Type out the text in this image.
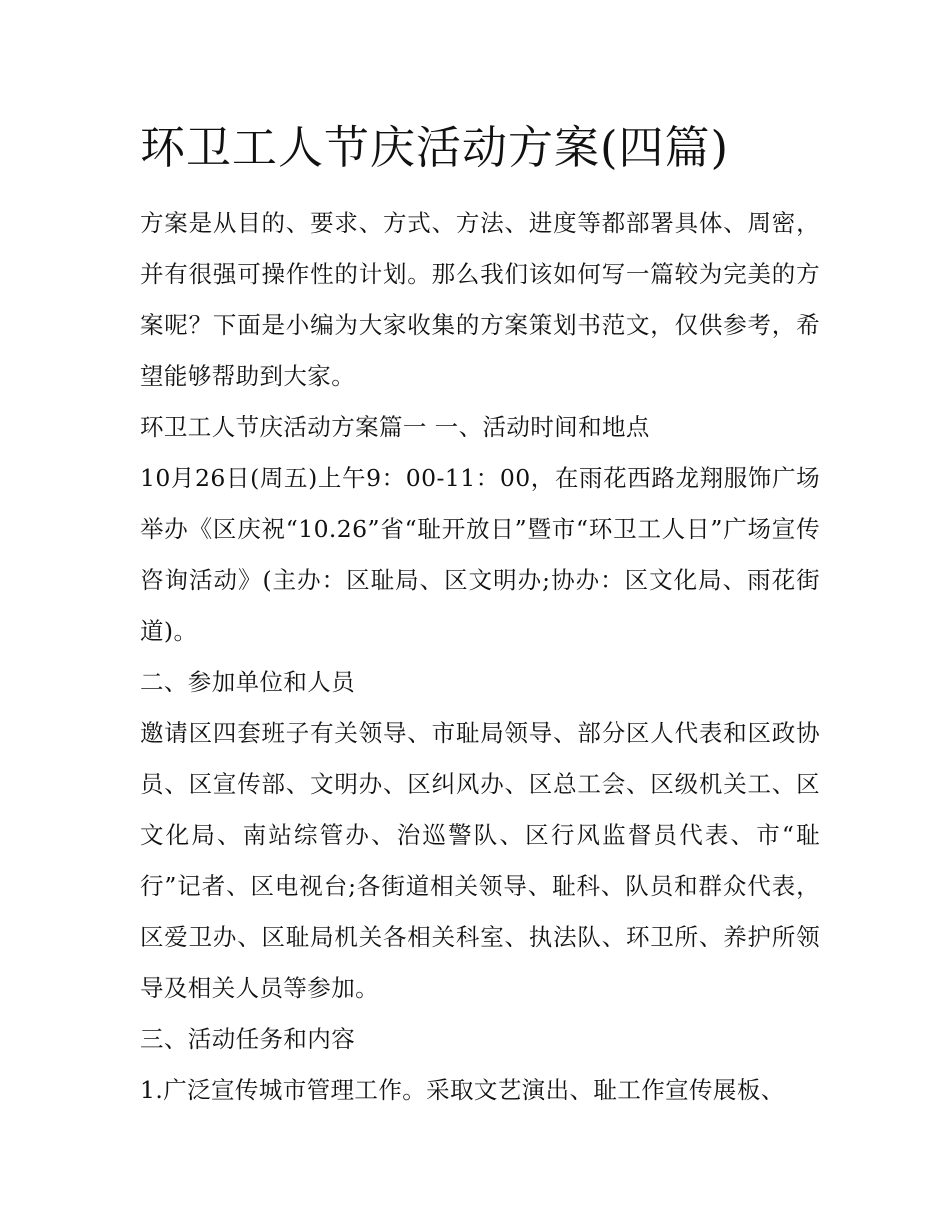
环卫工人节庆活动方案(四篇)

方案是从目的、要求、方式、方法、进度等都部署具体、周密，并有很强可操作性的计划。那么我们该如何写一篇较为完美的方案呢？下面是小编为大家收集的方案策划书范文，仅供参考，希望能够帮助到大家。

环卫工人节庆活动方案篇一 一、活动时间和地点

10月26日(周五)上午9：00-11：00，在雨花西路龙翔服饰广场举办《区庆祝“10.26”省“耻开放日”暨市“环卫工人日”广场宣传咨询活动》(主办：区耻局、区文明办;协办：区文化局、雨花街道)。

二、参加单位和人员

邀请区四套班子有关领导、市耻局领导、部分区人代表和区政协员、区宣传部、文明办、区纠风办、区总工会、区级机关工、区文化局、南站综管办、治巡警队、区行风监督员代表、市“耻行”记者、区电视台;各街道相关领导、耻科、队员和群众代表，区爱卫办、区耻局机关各相关科室、执法队、环卫所、养护所领导及相关人员等参加。

三、活动任务和内容

1.广泛宣传城市管理工作。采取文艺演出、耻工作宣传展板、
